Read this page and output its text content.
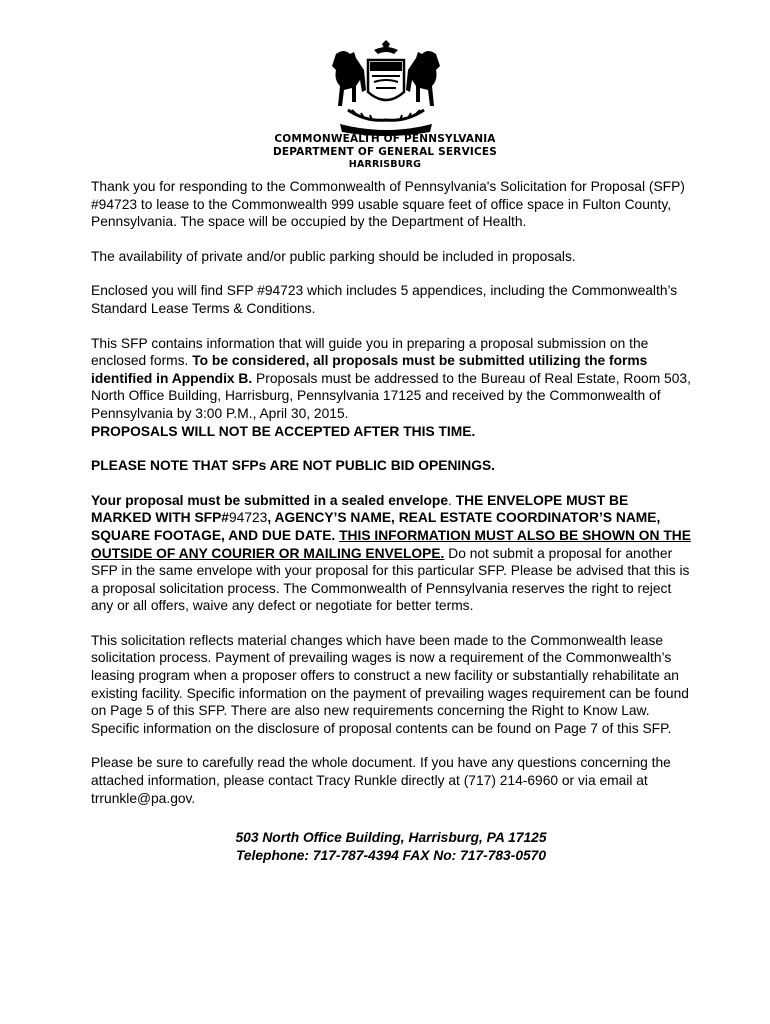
COMMONWEALTH OF PENNSYLVANIA
DEPARTMENT OF GENERAL SERVICES
HARRISBURG

Thank you for responding to the Commonwealth of Pennsylvania's Solicitation for Proposal (SFP) #94723 to lease to the Commonwealth 999 usable square feet of office space in Fulton County, Pennsylvania. The space will be occupied by the Department of Health.

The availability of private and/or public parking should be included in proposals.

Enclosed you will find SFP #94723 which includes 5 appendices, including the Commonwealth’s Standard Lease Terms & Conditions.

This SFP contains information that will guide you in preparing a proposal submission on the enclosed forms. To be considered, all proposals must be submitted utilizing the forms identified in Appendix B. Proposals must be addressed to the Bureau of Real Estate, Room 503, North Office Building, Harrisburg, Pennsylvania 17125 and received by the Commonwealth of Pennsylvania by 3:00 P.M., April 30, 2015.
PROPOSALS WILL NOT BE ACCEPTED AFTER THIS TIME.

PLEASE NOTE THAT SFPs ARE NOT PUBLIC BID OPENINGS.

Your proposal must be submitted in a sealed envelope. THE ENVELOPE MUST BE MARKED WITH SFP#94723, AGENCY’S NAME, REAL ESTATE COORDINATOR’S NAME, SQUARE FOOTAGE, AND DUE DATE. THIS INFORMATION MUST ALSO BE SHOWN ON THE OUTSIDE OF ANY COURIER OR MAILING ENVELOPE. Do not submit a proposal for another SFP in the same envelope with your proposal for this particular SFP. Please be advised that this is a proposal solicitation process. The Commonwealth of Pennsylvania reserves the right to reject any or all offers, waive any defect or negotiate for better terms.

This solicitation reflects material changes which have been made to the Commonwealth lease solicitation process. Payment of prevailing wages is now a requirement of the Commonwealth’s leasing program when a proposer offers to construct a new facility or substantially rehabilitate an existing facility. Specific information on the payment of prevailing wages requirement can be found on Page 5 of this SFP. There are also new requirements concerning the Right to Know Law. Specific information on the disclosure of proposal contents can be found on Page 7 of this SFP.

Please be sure to carefully read the whole document. If you have any questions concerning the attached information, please contact Tracy Runkle directly at (717) 214-6960 or via email at trrunkle@pa.gov.

503 North Office Building, Harrisburg, PA 17125
Telephone: 717-787-4394 FAX No: 717-783-0570
